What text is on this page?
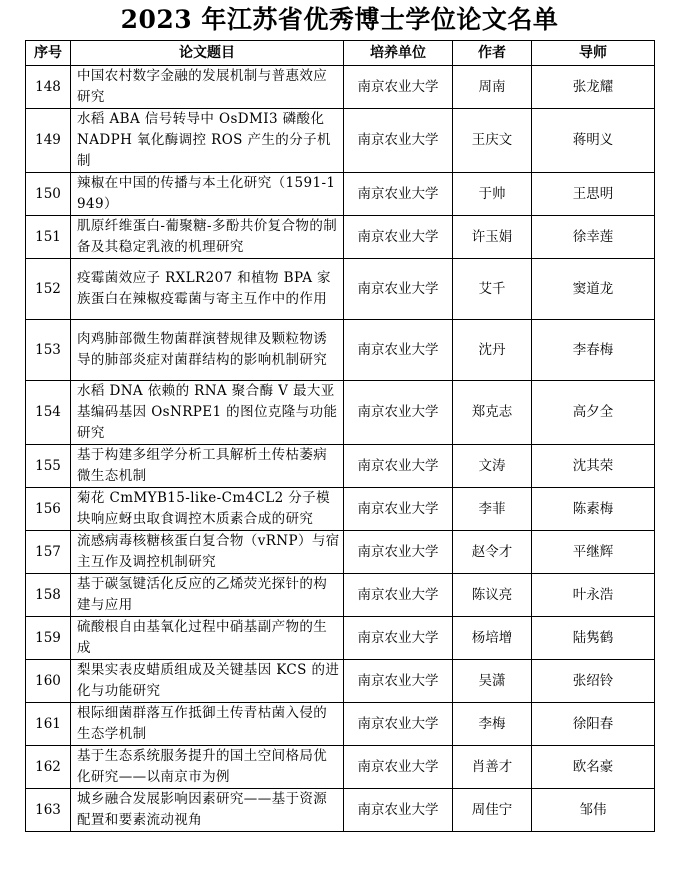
2023 年江苏省优秀博士学位论文名单
序号	论文题目	培养单位	作者	导师
148	中国农村数字金融的发展机制与普惠效应研究	南京农业大学	周南	张龙耀
149	水稻 ABA 信号转导中 OsDMI3 磷酸化 NADPH 氧化酶调控 ROS 产生的分子机制	南京农业大学	王庆文	蒋明义
150	辣椒在中国的传播与本土化研究（1591-1949）	南京农业大学	于帅	王思明
151	肌原纤维蛋白-葡聚糖-多酚共价复合物的制备及其稳定乳液的机理研究	南京农业大学	许玉娟	徐幸莲
152	疫霉菌效应子 RXLR207 和植物 BPA 家族蛋白在辣椒疫霉菌与寄主互作中的作用	南京农业大学	艾千	窦道龙
153	肉鸡肺部微生物菌群演替规律及颗粒物诱导的肺部炎症对菌群结构的影响机制研究	南京农业大学	沈丹	李春梅
154	水稻 DNA 依赖的 RNA 聚合酶 V 最大亚基编码基因 OsNRPE1 的图位克隆与功能研究	南京农业大学	郑克志	高夕全
155	基于构建多组学分析工具解析土传枯萎病微生态机制	南京农业大学	文涛	沈其荣
156	菊花 CmMYB15-like-Cm4CL2 分子模块响应蚜虫取食调控木质素合成的研究	南京农业大学	李菲	陈素梅
157	流感病毒核糖核蛋白复合物（vRNP）与宿主互作及调控机制研究	南京农业大学	赵令才	平继辉
158	基于碳氢键活化反应的乙烯荧光探针的构建与应用	南京农业大学	陈议亮	叶永浩
159	硫酸根自由基氧化过程中硝基副产物的生成	南京农业大学	杨培增	陆隽鹤
160	梨果实表皮蜡质组成及关键基因 KCS 的进化与功能研究	南京农业大学	吴潇	张绍铃
161	根际细菌群落互作抵御土传青枯菌入侵的生态学机制	南京农业大学	李梅	徐阳春
162	基于生态系统服务提升的国土空间格局优化研究——以南京市为例	南京农业大学	肖善才	欧名豪
163	城乡融合发展影响因素研究——基于资源配置和要素流动视角	南京农业大学	周佳宁	邹伟
